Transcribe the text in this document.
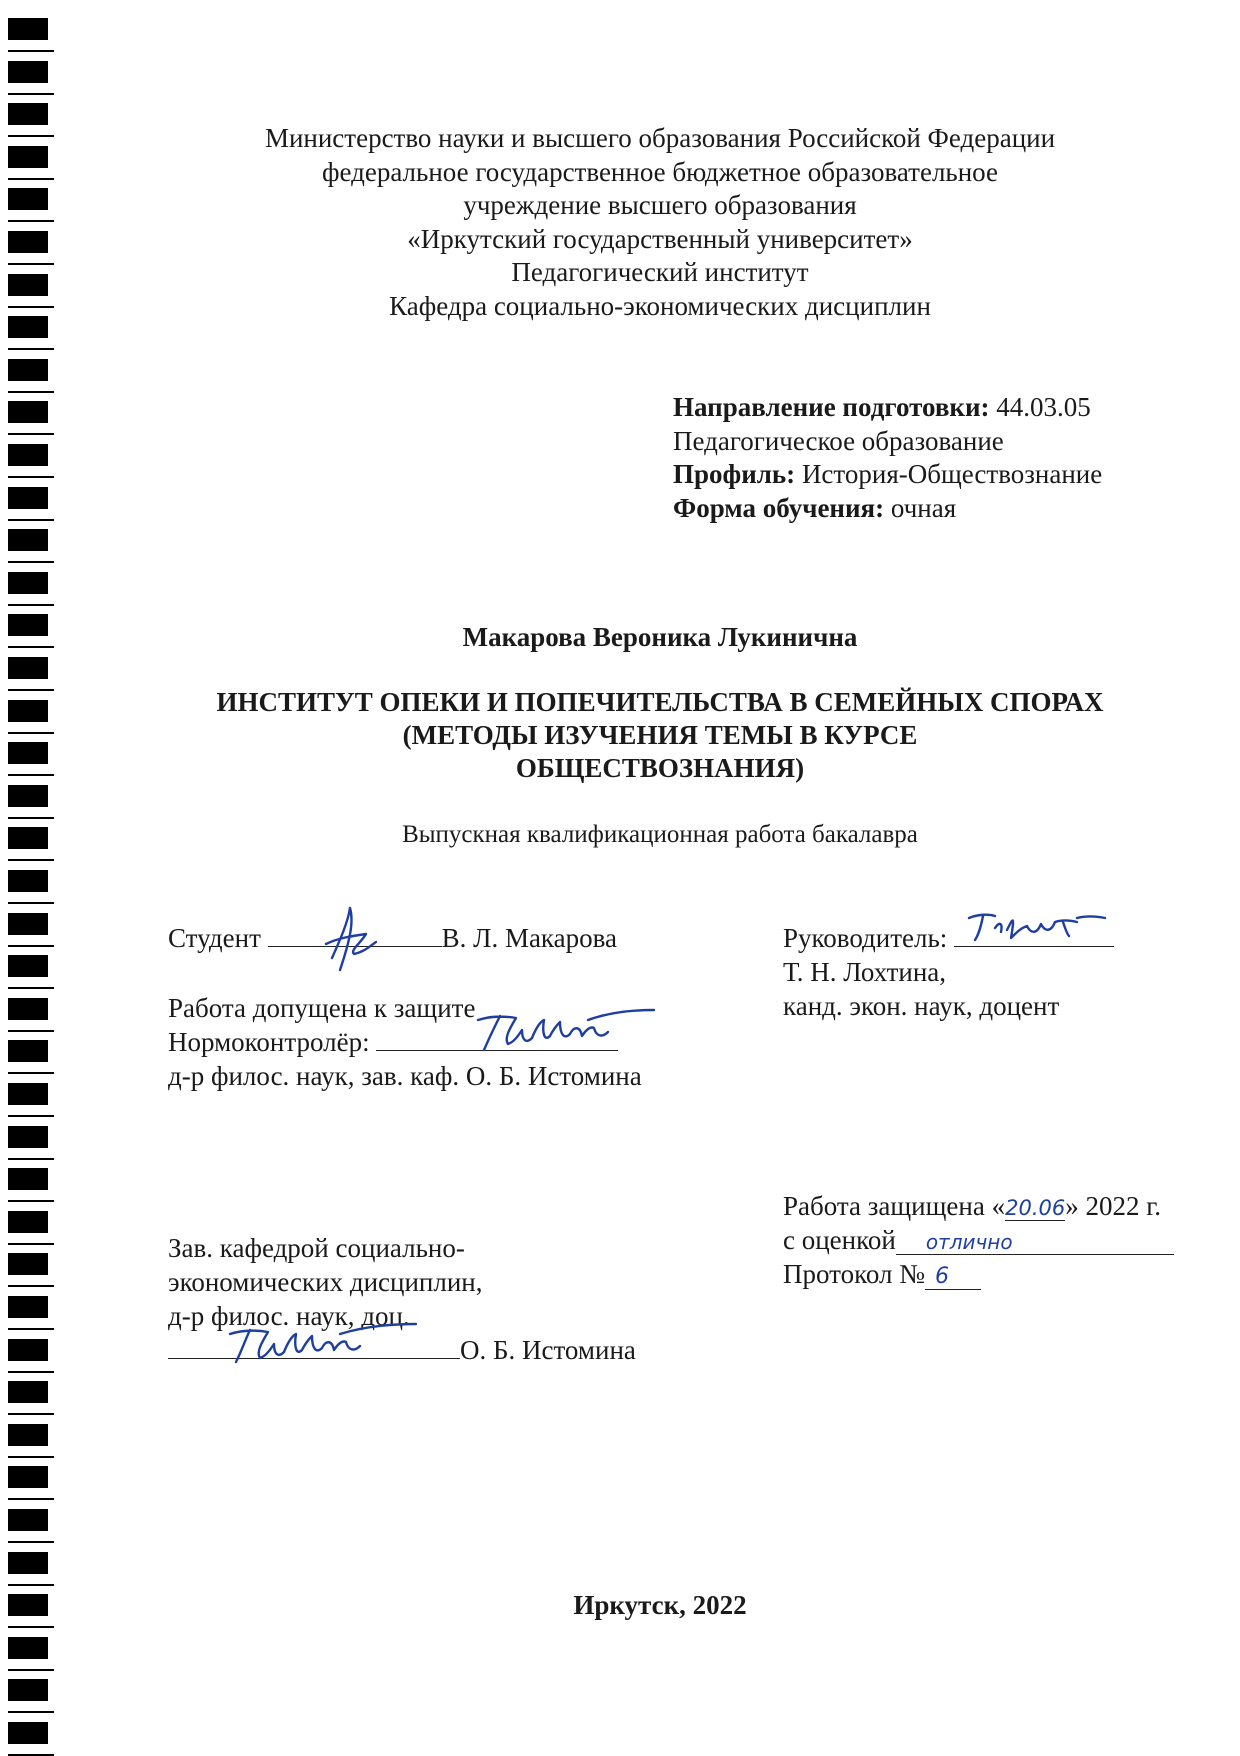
Министерство науки и высшего образования Российской Федерации
федеральное государственное бюджетное образовательное
учреждение высшего образования
«Иркутский государственный университет»
Педагогический институт
Кафедра социально-экономических дисциплин
Направление подготовки: 44.03.05
Педагогическое образование
Профиль: История-Обществознание
Форма обучения: очная
Макарова Вероника Лукинична
ИНСТИТУТ ОПЕКИ И ПОПЕЧИТЕЛЬСТВА В СЕМЕЙНЫХ СПОРАХ
(МЕТОДЫ ИЗУЧЕНИЯ ТЕМЫ В КУРСЕ
ОБЩЕСТВОЗНАНИЯ)
Выпускная квалификационная работа бакалавра
Студент	В. Л. Макарова	Руководитель:
Т. Н. Лохтина,
канд. экон. наук, доцент
Работа допущена к защите
Нормоконтролёр:
д-р филос. наук, зав. каф. О. Б. Истомина
Работа защищена «20.06» 2022 г.
с оценкой отлично
Протокол № 6
Зав. кафедрой социально-
экономических дисциплин,
д-р филос. наук, доц.
О. Б. Истомина
Иркутск, 2022
